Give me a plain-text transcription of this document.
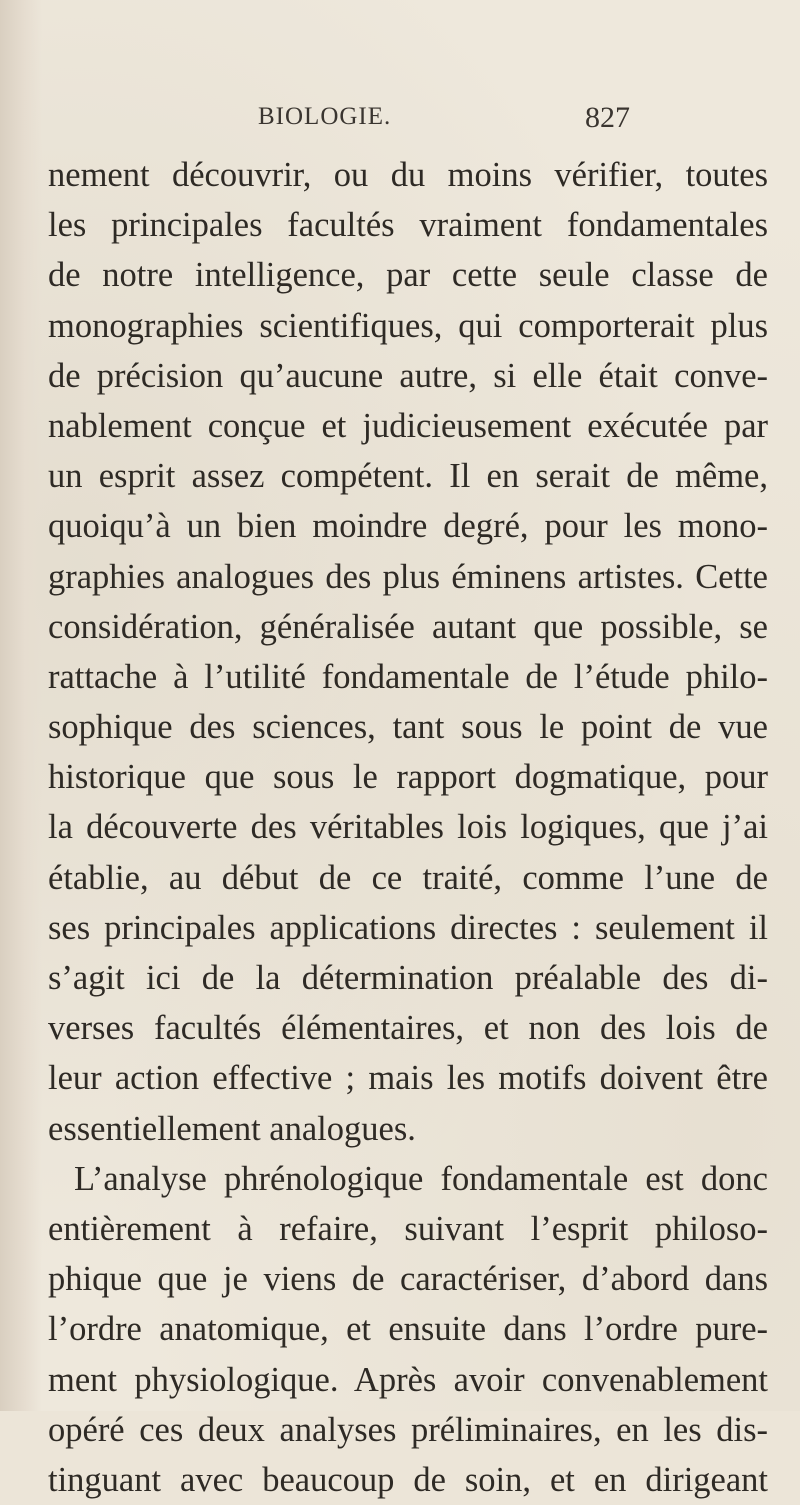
BIOLOGIE.	827
nement découvrir, ou du moins vérifier, toutes
les principales facultés vraiment fondamentales
de notre intelligence, par cette seule classe de
monographies scientifiques, qui comporterait plus
de précision qu’aucune autre, si elle était conve-
nablement conçue et judicieusement exécutée par
un esprit assez compétent. Il en serait de même,
quoiqu’à un bien moindre degré, pour les mono-
graphies analogues des plus éminens artistes. Cette
considération, généralisée autant que possible, se
rattache à l’utilité fondamentale de l’étude philo-
sophique des sciences, tant sous le point de vue
historique que sous le rapport dogmatique, pour
la découverte des véritables lois logiques, que j’ai
établie, au début de ce traité, comme l’une de
ses principales applications directes : seulement il
s’agit ici de la détermination préalable des di-
verses facultés élémentaires, et non des lois de
leur action effective ; mais les motifs doivent être
essentiellement analogues.
L’analyse phrénologique fondamentale est donc
entièrement à refaire, suivant l’esprit philoso-
phique que je viens de caractériser, d’abord dans
l’ordre anatomique, et ensuite dans l’ordre pure-
ment physiologique. Après avoir convenablement
opéré ces deux analyses préliminaires, en les dis-
tinguant avec beaucoup de soin, et en dirigeant
